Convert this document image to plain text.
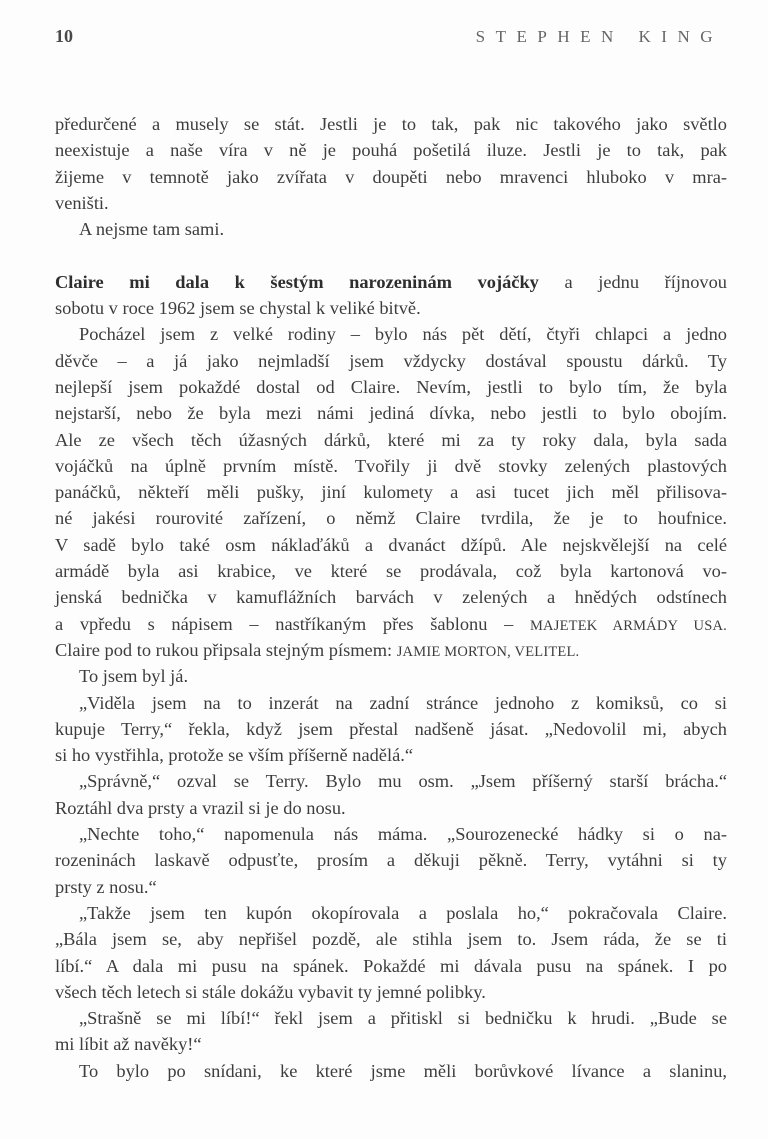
10	STEPHEN KING
předurčené a musely se stát. Jestli je to tak, pak nic takového jako světlo
neexistuje a naše víra v ně je pouhá pošetilá iluze. Jestli je to tak, pak
žijeme v temnotě jako zvířata v doupěti nebo mravenci hluboko v mra-
veništi.
A nejsme tam sami.
Claire mi dala k šestým narozeninám vojáčky a jednu říjnovou
sobotu v roce 1962 jsem se chystal k veliké bitvě.
Pocházel jsem z velké rodiny – bylo nás pět dětí, čtyři chlapci a jedno
děvče – a já jako nejmladší jsem vždycky dostával spoustu dárků. Ty
nejlepší jsem pokaždé dostal od Claire. Nevím, jestli to bylo tím, že byla
nejstarší, nebo že byla mezi námi jediná dívka, nebo jestli to bylo obojím.
Ale ze všech těch úžasných dárků, které mi za ty roky dala, byla sada
vojáčků na úplně prvním místě. Tvořily ji dvě stovky zelených plastových
panáčků, někteří měli pušky, jiní kulomety a asi tucet jich měl přilisova-
né jakési rourovité zařízení, o němž Claire tvrdila, že je to houfnice.
V sadě bylo také osm náklaďáků a dvanáct džípů. Ale nejskvělejší na celé
armádě byla asi krabice, ve které se prodávala, což byla kartonová vo-
jenská bednička v kamuflážních barvách v zelených a hnědých odstínech
a vpředu s nápisem – nastříkaným přes šablonu – MAJETEK ARMÁDY USA.
Claire pod to rukou připsala stejným písmem: JAMIE MORTON, VELITEL.
To jsem byl já.
„Viděla jsem na to inzerát na zadní stránce jednoho z komiksů, co si
kupuje Terry,“ řekla, když jsem přestal nadšeně jásat. „Nedovolil mi, abych
si ho vystřihla, protože se vším příšerně nadělá.“
„Správně,“ ozval se Terry. Bylo mu osm. „Jsem příšerný starší brácha.“
Roztáhl dva prsty a vrazil si je do nosu.
„Nechte toho,“ napomenula nás máma. „Sourozenecké hádky si o na-
rozeninách laskavě odpusťte, prosím a děkuji pěkně. Terry, vytáhni si ty
prsty z nosu.“
„Takže jsem ten kupón okopírovala a poslala ho,“ pokračovala Claire.
„Bála jsem se, aby nepřišel pozdě, ale stihla jsem to. Jsem ráda, že se ti
líbí.“ A dala mi pusu na spánek. Pokaždé mi dávala pusu na spánek. I po
všech těch letech si stále dokážu vybavit ty jemné polibky.
„Strašně se mi líbí!“ řekl jsem a přitiskl si bedničku k hrudi. „Bude se
mi líbit až navěky!“
To bylo po snídani, ke které jsme měli borůvkové lívance a slaninu,
